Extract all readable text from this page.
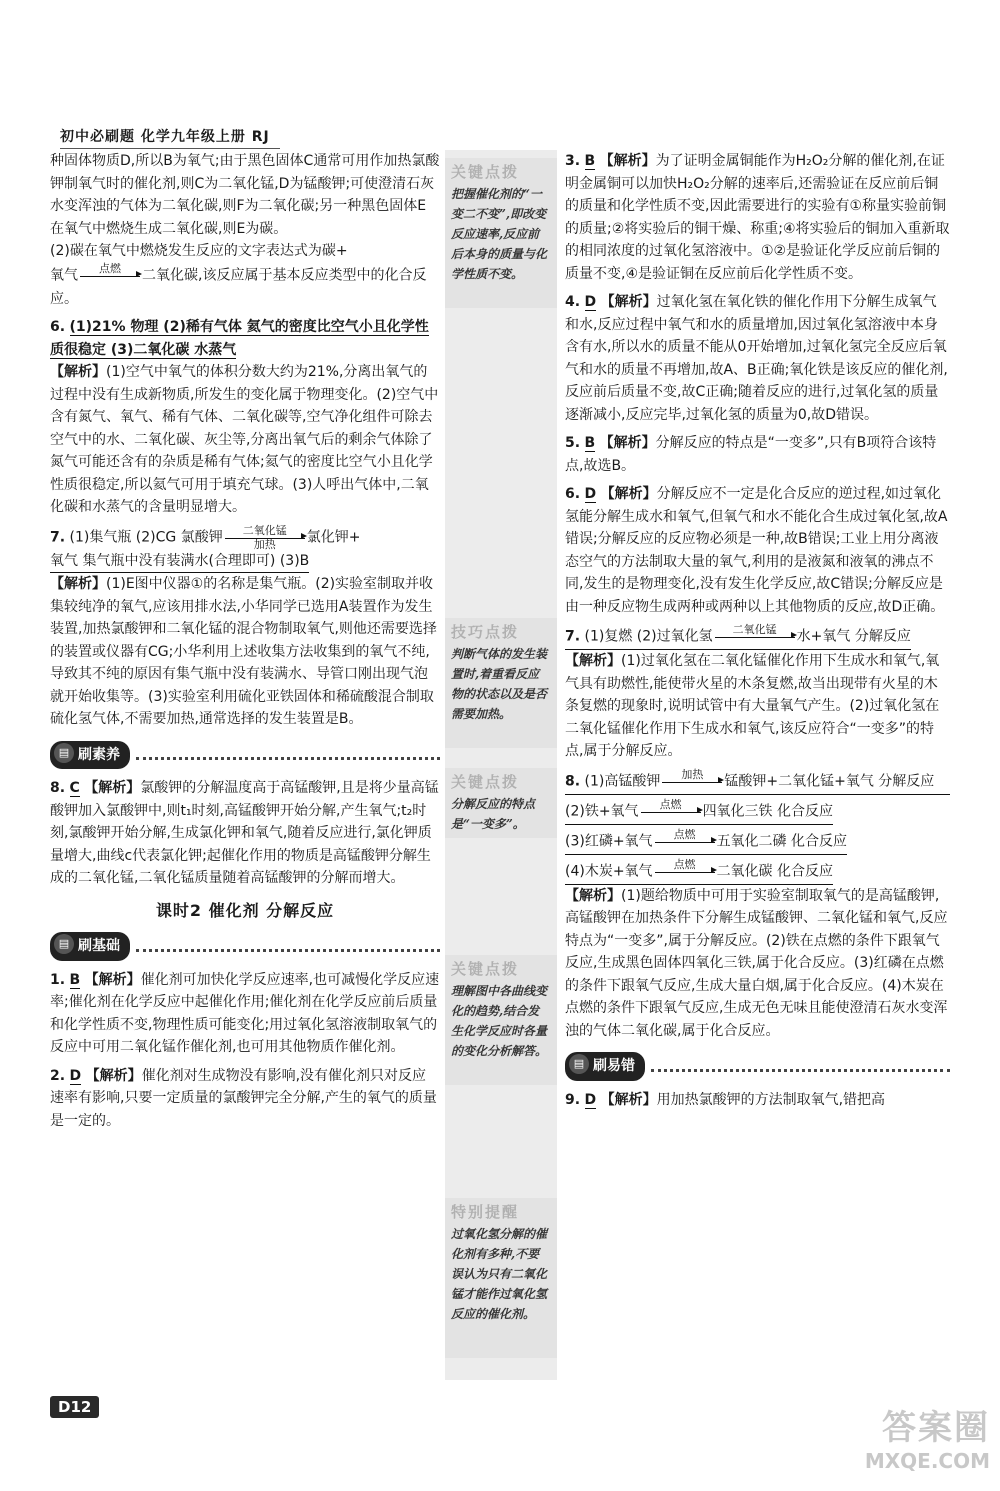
初中必刷题 化学九年级上册 RJ
关键点拨
把握催化剂的“一变二不变”,即改变反应速率,反应前后本身的质量与化学性质不变。
技巧点拨
判断气体的发生装置时,着重看反应物的状态以及是否需要加热。
关键点拨
分解反应的特点是“一变多”。
关键点拨
理解图中各曲线变化的趋势,结合发生化学反应时各量的变化分析解答。
特别提醒
过氧化氢分解的催化剂有多种,不要误认为只有二氧化锰才能作过氧化氢反应的催化剂。
种固体物质D,所以B为氧气;由于黑色固体C通常可用作加热氯酸钾制氧气时的催化剂,则C为二氧化锰,D为锰酸钾;可使澄清石灰水变浑浊的气体为二氧化碳,则F为二氧化碳;另一种黑色固体E在氧气中燃烧生成二氧化碳,则E为碳。
(2)碳在氧气中燃烧发生反应的文字表达式为碳+
氧气	点燃
	二氧化碳,该反应属于基本反应类型中的化合反应。
6. (1)21% 物理 (2)稀有气体 氦气的密度比空气小且化学性质很稳定 (3)二氧化碳 水蒸气
【解析】(1)空气中氧气的体积分数大约为21%,分离出氧气的过程中没有生成新物质,所发生的变化属于物理变化。(2)空气中含有氮气、氧气、稀有气体、二氧化碳等,空气净化组件可除去空气中的水、二氧化碳、灰尘等,分离出氧气后的剩余气体除了氮气可能还含有的杂质是稀有气体;氦气的密度比空气小且化学性质很稳定,所以氦气可用于填充气球。(3)人呼出气体中,二氧化碳和水蒸气的含量明显增大。
7. (1)集气瓶 (2)CG 氯酸钾	二氧化锰
加热	氯化钾+
氧气 集气瓶中没有装满水(合理即可) (3)B
【解析】(1)E图中仪器①的名称是集气瓶。(2)实验室制取并收集较纯净的氧气,应该用排水法,小华同学已选用A装置作为发生装置,加热氯酸钾和二氧化锰的混合物制取氧气,则他还需要选择的装置或仪器有CG;小华利用上述收集方法收集到的氧气不纯,导致其不纯的原因有集气瓶中没有装满水、导管口刚出现气泡就开始收集等。(3)实验室利用硫化亚铁固体和稀硫酸混合制取硫化氢气体,不需要加热,通常选择的发生装置是B。
▤ 刷素养
8. C 【解析】氯酸钾的分解温度高于高锰酸钾,且是将少量高锰酸钾加入氯酸钾中,则t₁时刻,高锰酸钾开始分解,产生氧气;t₂时刻,氯酸钾开始分解,生成氯化钾和氧气,随着反应进行,氯化钾质量增大,曲线c代表氯化钾;起催化作用的物质是高锰酸钾分解生成的二氧化锰,二氧化锰质量随着高锰酸钾的分解而增大。
课时2 催化剂 分解反应
▤ 刷基础
1. B 【解析】催化剂可加快化学反应速率,也可减慢化学反应速率;催化剂在化学反应中起催化作用;催化剂在化学反应前后质量和化学性质不变,物理性质可能变化;用过氧化氢溶液制取氧气的反应中可用二氧化锰作催化剂,也可用其他物质作催化剂。
2. D 【解析】催化剂对生成物没有影响,没有催化剂只对反应速率有影响,只要一定质量的氯酸钾完全分解,产生的氧气的质量是一定的。
3. B 【解析】为了证明金属铜能作为H₂O₂分解的催化剂,在证明金属铜可以加快H₂O₂分解的速率后,还需验证在反应前后铜的质量和化学性质不变,因此需要进行的实验有①称量实验前铜的质量;②将实验后的铜干燥、称重;④将实验后的铜加入重新取的相同浓度的过氧化氢溶液中。①②是验证化学反应前后铜的质量不变,④是验证铜在反应前后化学性质不变。
4. D 【解析】过氧化氢在氧化铁的催化作用下分解生成氧气和水,反应过程中氧气和水的质量增加,因过氧化氢溶液中本身含有水,所以水的质量不能从0开始增加,过氧化氢完全反应后氧气和水的质量不再增加,故A、B正确;氧化铁是该反应的催化剂,反应前后质量不变,故C正确;随着反应的进行,过氧化氢的质量逐渐减小,反应完毕,过氧化氢的质量为0,故D错误。
5. B 【解析】分解反应的特点是“一变多”,只有B项符合该特点,故选B。
6. D 【解析】分解反应不一定是化合反应的逆过程,如过氧化氢能分解生成水和氧气,但氧气和水不能化合生成过氧化氢,故A错误;分解反应的反应物必须是一种,故B错误;工业上用分离液态空气的方法制取大量的氧气,利用的是液氮和液氧的沸点不同,发生的是物理变化,没有发生化学反应,故C错误;分解反应是由一种反应物生成两种或两种以上其他物质的反应,故D正确。
7. (1)复燃 (2)过氧化氢	二氧化锰
	水+氧气 分解反应
【解析】(1)过氧化氢在二氧化锰催化作用下生成水和氧气,氧气具有助燃性,能使带火星的木条复燃,故当出现带有火星的木条复燃的现象时,说明试管中有大量氧气产生。(2)过氧化氢在二氧化锰催化作用下生成水和氧气,该反应符合“一变多”的特点,属于分解反应。
8. (1)高锰酸钾	加热
	锰酸钾+二氧化锰+氧气 分解反应
(2)铁+氧气	点燃
	四氧化三铁 化合反应 (3)红磷+氧气	点燃
	五氧化二磷 化合反应 (4)木炭+氧气	点燃
	二氧化碳 化合反应
【解析】(1)题给物质中可用于实验室制取氧气的是高锰酸钾,高锰酸钾在加热条件下分解生成锰酸钾、二氧化锰和氧气,反应特点为“一变多”,属于分解反应。(2)铁在点燃的条件下跟氧气反应,生成黑色固体四氧化三铁,属于化合反应。(3)红磷在点燃的条件下跟氧气反应,生成大量白烟,属于化合反应。(4)木炭在点燃的条件下跟氧气反应,生成无色无味且能使澄清石灰水变浑浊的气体二氧化碳,属于化合反应。
▤ 刷易错
9. D 【解析】用加热氯酸钾的方法制取氧气,错把高
D12
答案圈
MXQE.COM
